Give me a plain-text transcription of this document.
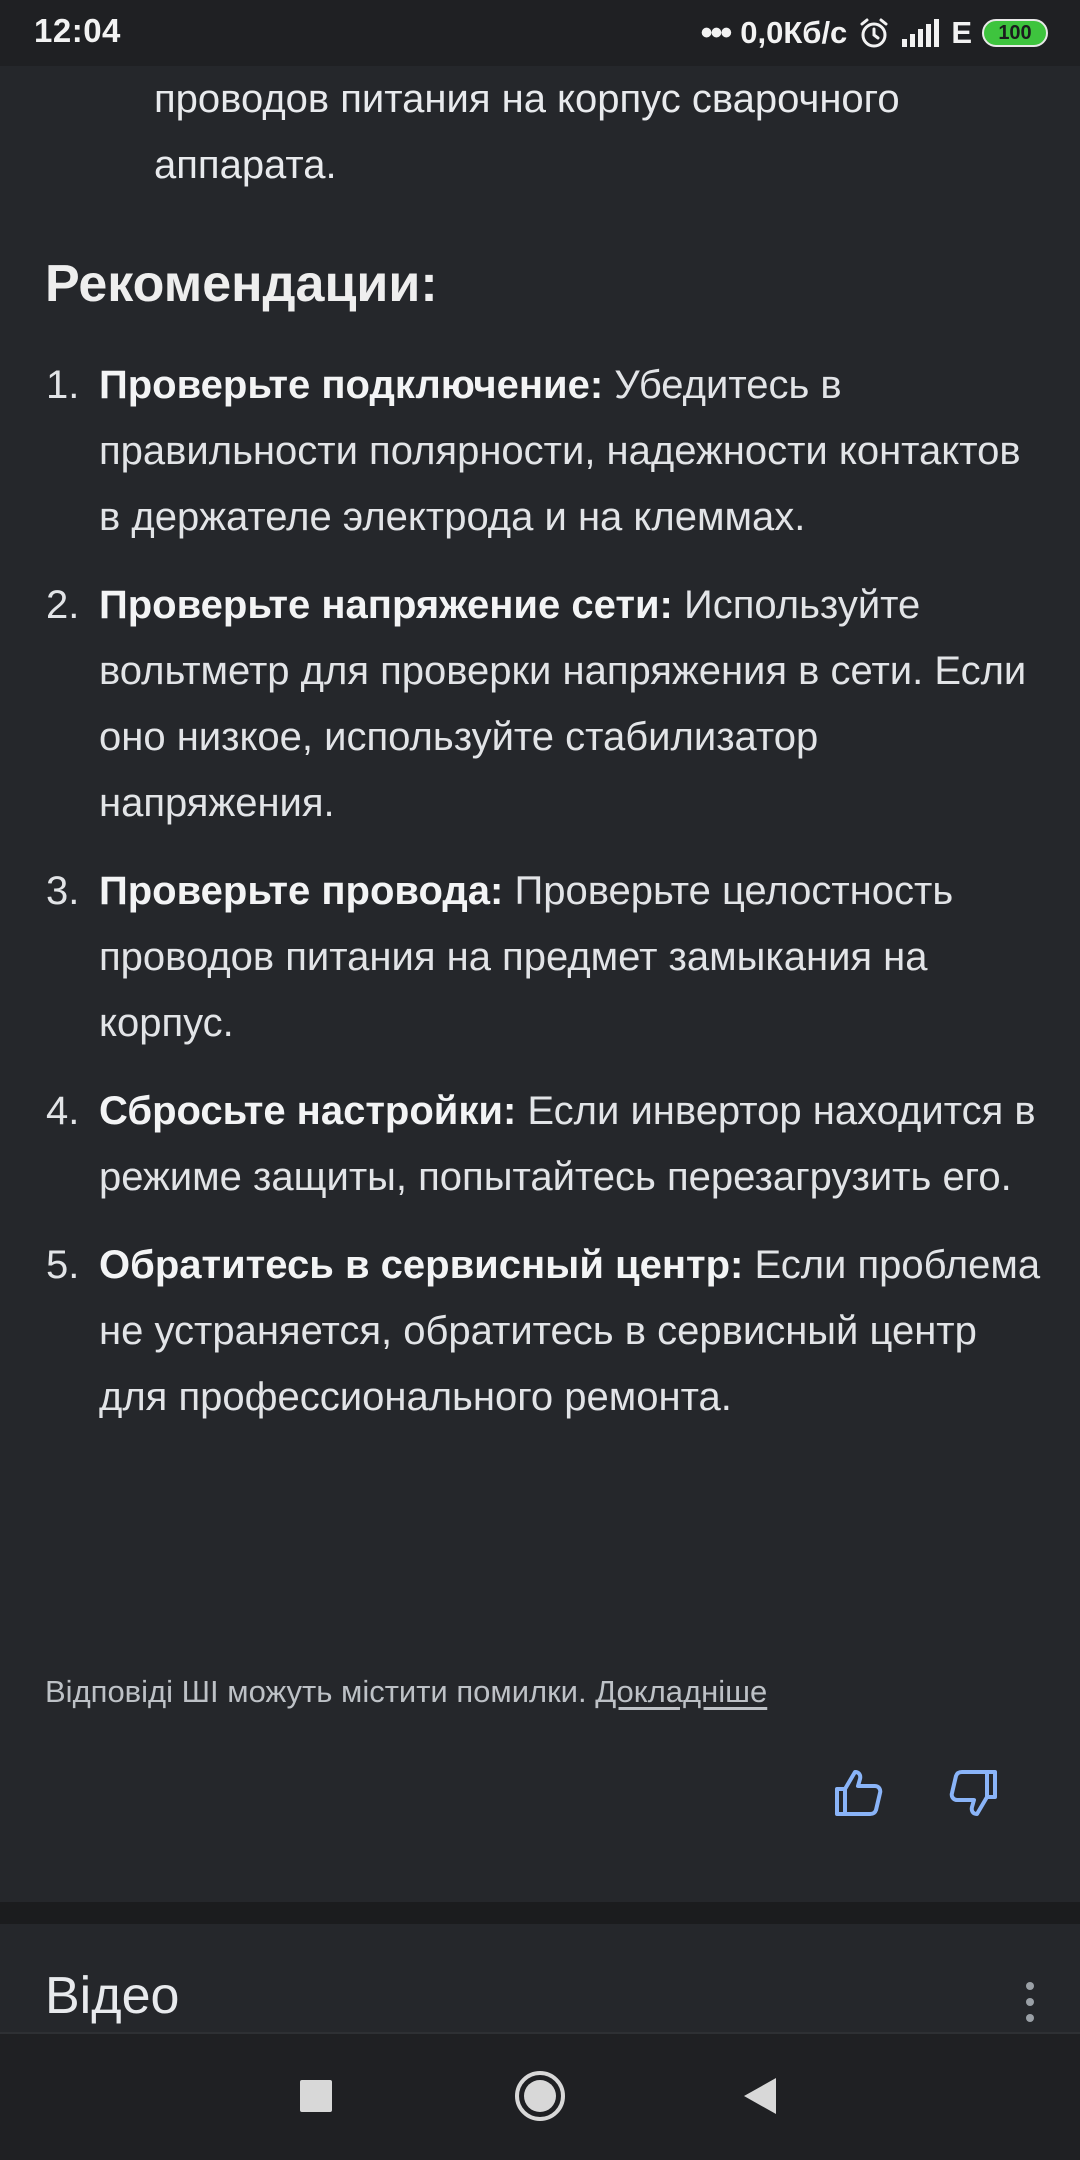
12:04	••• 0,0Кб/с	E	100
проводов питания на корпус сварочного аппарата.
Рекомендации:
1. Проверьте подключение: Убедитесь в правильности полярности, надежности контактов в держателе электрода и на клеммах.
2. Проверьте напряжение сети: Используйте вольтметр для проверки напряжения в сети. Если оно низкое, используйте стабилизатор напряжения.
3. Проверьте провода: Проверьте целостность проводов питания на предмет замыкания на корпус.
4. Сбросьте настройки: Если инвертор находится в режиме защиты, попытайтесь перезагрузить его.
5. Обратитесь в сервисный центр: Если проблема не устраняется, обратитесь в сервисный центр для профессионального ремонта.
Відповіді ШІ можуть містити помилки. Докладніше
Відео
